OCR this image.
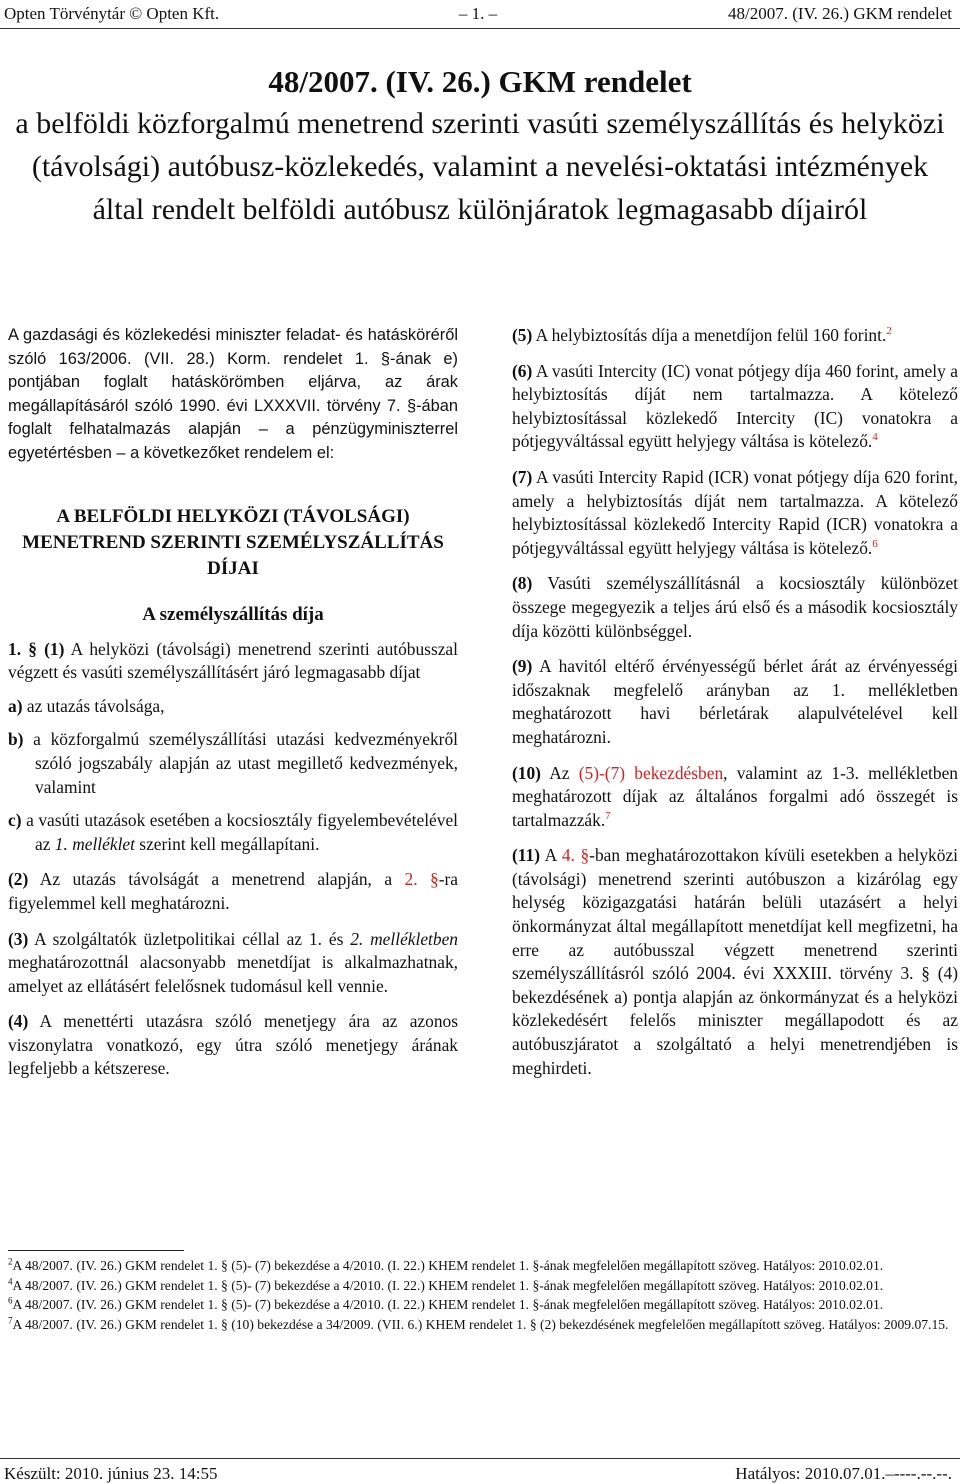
Opten Törvénytár © Opten Kft.	– 1. –	48/2007. (IV. 26.) GKM rendelet
48/2007. (IV. 26.) GKM rendelet
a belföldi közforgalmú menetrend szerinti vasúti személyszállítás és helyközi (távolsági) autóbusz-közlekedés, valamint a nevelési-oktatási intézmények által rendelt belföldi autóbusz különjáratok legmagasabb díjairól

A gazdasági és közlekedési miniszter feladat- és hatásköréről szóló 163/2006. (VII. 28.) Korm. rendelet 1. §-ának e) pontjában foglalt hatáskörömben eljárva, az árak megállapításáról szóló 1990. évi LXXXVII. törvény 7. §-ában foglalt felhatalmazás alapján – a pénzügyminiszterrel egyetértésben – a következőket rendelem el:

A BELFÖLDI HELYKÖZI (TÁVOLSÁGI) MENETREND SZERINTI SZEMÉLYSZÁLLÍTÁS DÍJAI
A személyszállítás díja

1. § (1) A helyközi (távolsági) menetrend szerinti autóbusszal végzett és vasúti személyszállításért járó legmagasabb díjat

a) az utazás távolsága,

b) a közforgalmú személyszállítási utazási kedvezményekről szóló jogszabály alapján az utast megillető kedvezmények, valamint

c) a vasúti utazások esetében a kocsiosztály figyelembevételével az 1. melléklet szerint kell megállapítani.

(2) Az utazás távolságát a menetrend alapján, a 2. §-ra figyelemmel kell meghatározni.

(3) A szolgáltatók üzletpolitikai céllal az 1. és 2. mellékletben meghatározottnál alacsonyabb menetdíjat is alkalmazhatnak, amelyet az ellátásért felelősnek tudomásul kell vennie.

(4) A menettérti utazásra szóló menetjegy ára az azonos viszonylatra vonatkozó, egy útra szóló menetjegy árának legfeljebb a kétszerese.

(5) A helybiztosítás díja a menetdíjon felül 160 forint.$^2$

(6) A vasúti Intercity (IC) vonat pótjegy díja 460 forint, amely a helybiztosítás díját nem tartalmazza. A kötelező helybiztosítással közlekedő Intercity (IC) vonatokra a pótjegyváltással együtt helyjegy váltása is kötelező.$^4$

(7) A vasúti Intercity Rapid (ICR) vonat pótjegy díja 620 forint, amely a helybiztosítás díját nem tartalmazza. A kötelező helybiztosítással közlekedő Intercity Rapid (ICR) vonatokra a pótjegyváltással együtt helyjegy váltása is kötelező.$^6$

(8) Vasúti személyszállításnál a kocsiosztály különbözet összege megegyezik a teljes árú első és a második kocsiosztály díja közötti különbséggel.

(9) A havitól eltérő érvényességű bérlet árát az érvényességi időszaknak megfelelő arányban az 1. mellékletben meghatározott havi bérletárak alapulvételével kell meghatározni.

(10) Az (5)-(7) bekezdésben, valamint az 1-3. mellékletben meghatározott díjak az általános forgalmi adó összegét is tartalmazzák.$^7$

(11) A 4. §-ban meghatározottakon kívüli esetekben a helyközi (távolsági) menetrend szerinti autóbuszon a kizárólag egy helység közigazgatási határán belüli utazásért a helyi önkormányzat által megállapított menetdíjat kell megfizetni, ha erre az autóbusszal végzett menetrend szerinti személyszállításról szóló 2004. évi XXXIII. törvény 3. § (4) bekezdésének a) pontja alapján az önkormányzat és a helyközi közlekedésért felelős miniszter megállapodott és az autóbuszjáratot a szolgáltató a helyi menetrendjében is meghirdeti.

$^2$A 48/2007. (IV. 26.) GKM rendelet 1. § (5)- (7) bekezdése a 4/2010. (I. 22.) KHEM rendelet 1. §-ának megfelelően megállapított szöveg. Hatályos: 2010.02.01.

$^4$A 48/2007. (IV. 26.) GKM rendelet 1. § (5)- (7) bekezdése a 4/2010. (I. 22.) KHEM rendelet 1. §-ának megfelelően megállapított szöveg. Hatályos: 2010.02.01.

$^6$A 48/2007. (IV. 26.) GKM rendelet 1. § (5)- (7) bekezdése a 4/2010. (I. 22.) KHEM rendelet 1. §-ának megfelelően megállapított szöveg. Hatályos: 2010.02.01.

$^7$A 48/2007. (IV. 26.) GKM rendelet 1. § (10) bekezdése a 34/2009. (VII. 6.) KHEM rendelet 1. § (2) bekezdésének megfelelően megállapított szöveg. Hatályos: 2009.07.15.

Készült: 2010. június 23. 14:55	Hatályos: 2010.07.01.–----.--.--.
